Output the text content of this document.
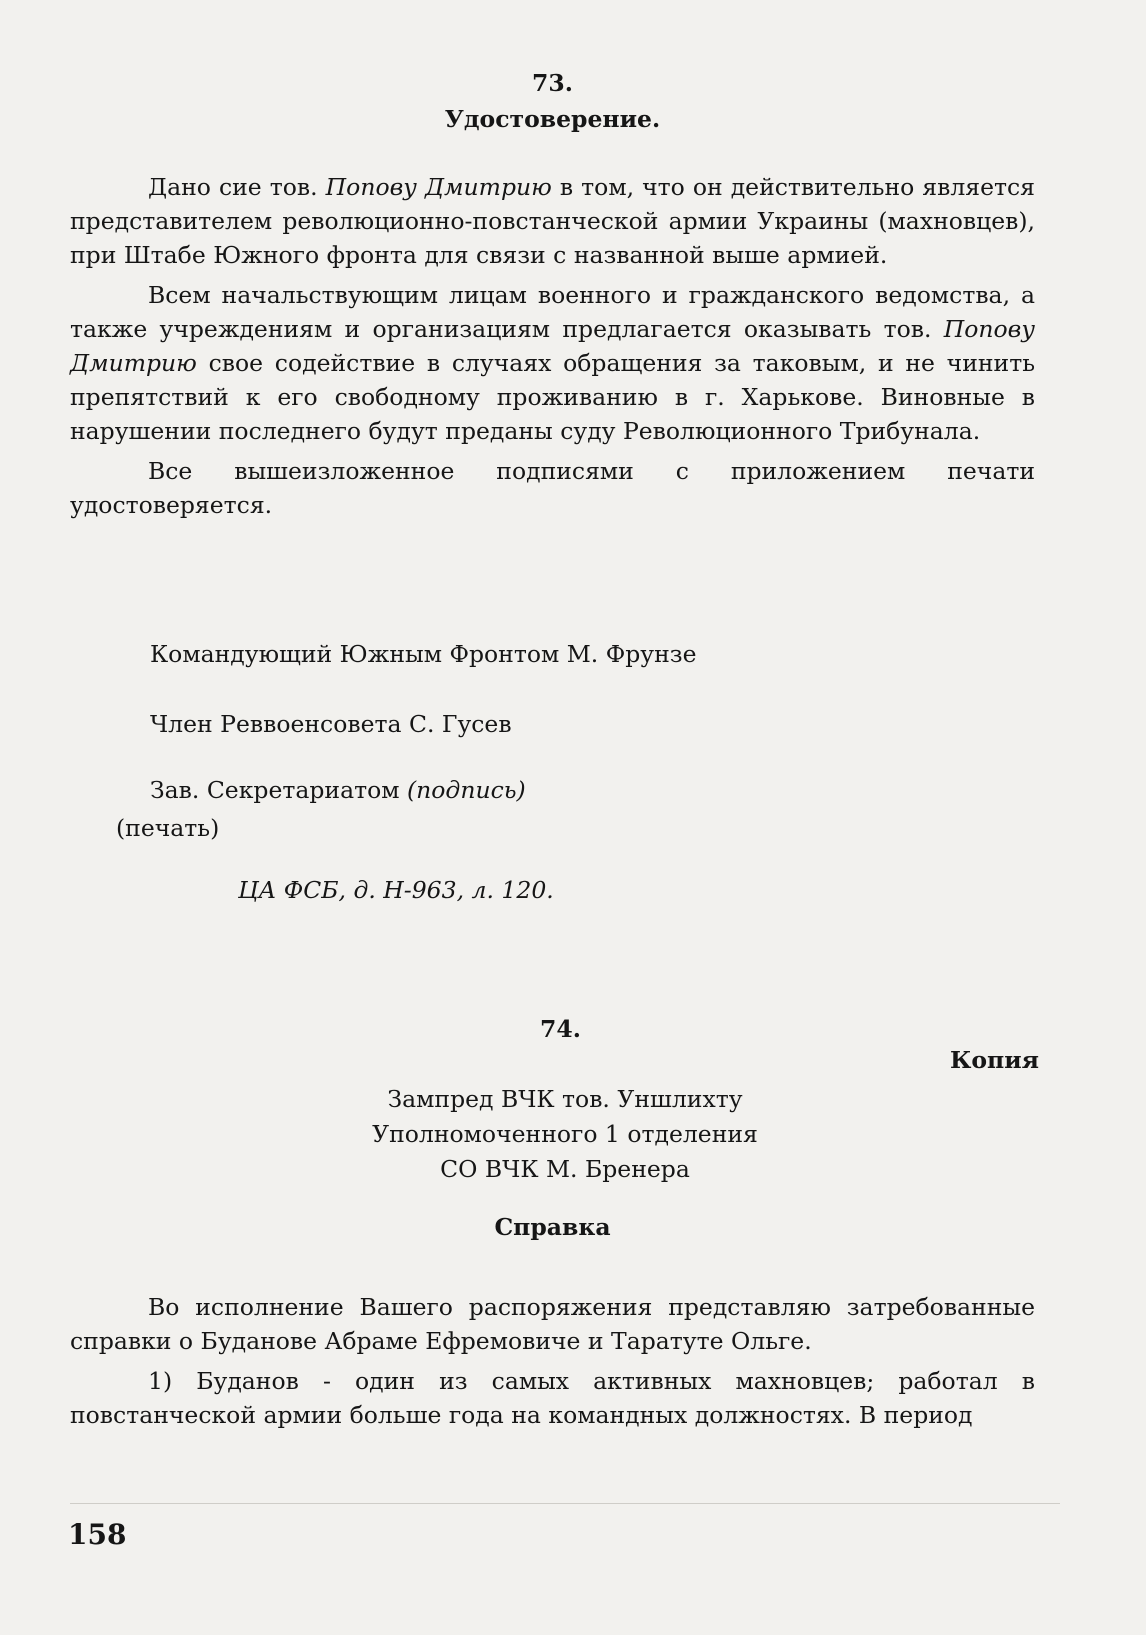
73.
Удостоверение.

Дано сие тов. Попову Дмитрию в том, что он действительно является представителем революционно-повстанческой армии Украины (махновцев), при Штабе Южного фронта для связи с названной выше армией.

Всем начальствующим лицам военного и гражданского ведомства, а также учреждениям и организациям предлагается оказывать тов. Попову Дмитрию свое содействие в случаях обращения за таковым, и не чинить препятствий к его свободному проживанию в г. Харькове. Виновные в нарушении последнего будут преданы суду Революционного Трибунала.

Все вышеизложенное подписями с приложением печати удостоверяется.

Командующий Южным Фронтом М. Фрунзе
Член Реввоенсовета С. Гусев
Зав. Секретариатом (подпись)
(печать)
ЦА ФСБ, д. Н-963, л. 120.
74.
Копия
Зампред ВЧК тов. Уншлихту
Уполномоченного 1 отделения
СО ВЧК М. Бренера
Справка

Во исполнение Вашего распоряжения представляю затребованные справки о Буданове Абраме Ефремовиче и Таратуте Ольге.

1) Буданов - один из самых активных махновцев; работал в повстанческой армии больше года на командных должностях. В период

158
